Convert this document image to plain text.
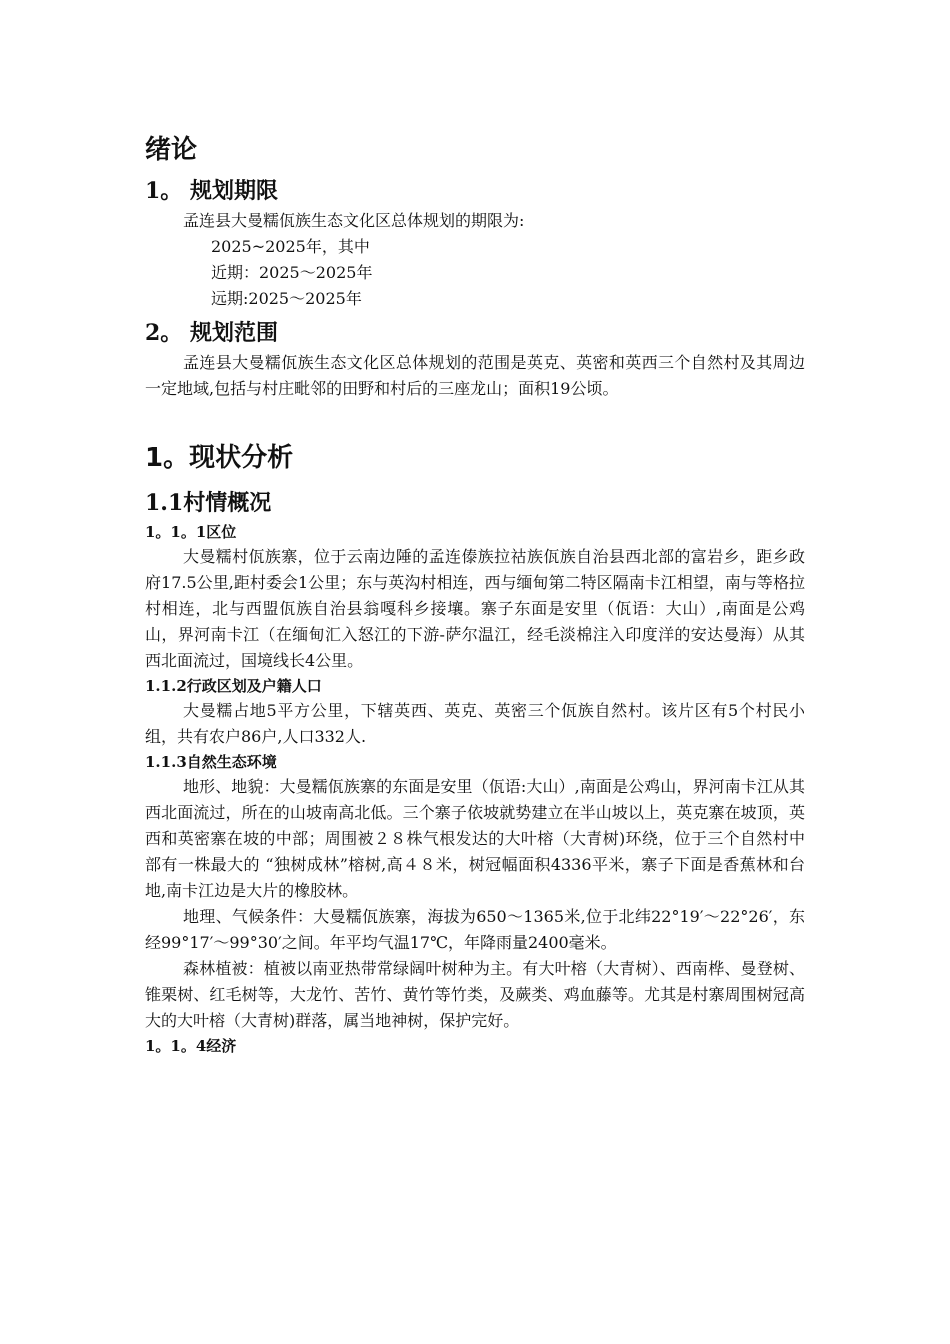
绪论
1。 规划期限

孟连县大曼糯佤族生态文化区总体规划的期限为:

2025~2025年，其中

近期：2025～2025年

远期:2025～2025年

2。 规划范围

孟连县大曼糯佤族生态文化区总体规划的范围是英克、英密和英西三个自然村及其周边一定地域,包括与村庄毗邻的田野和村后的三座龙山；面积19公顷。

1。现状分析
1.1村情概况
1。1。1区位

大曼糯村佤族寨，位于云南边陲的孟连傣族拉祜族佤族自治县西北部的富岩乡，距乡政府17.5公里,距村委会1公里；东与英沟村相连，西与缅甸第二特区隔南卡江相望，南与等格拉村相连，北与西盟佤族自治县翁嘎科乡接壤。寨子东面是安里（佤语：大山）,南面是公鸡山，界河南卡江（在缅甸汇入怒江的下游-萨尔温江，经毛淡棉注入印度洋的安达曼海）从其西北面流过，国境线长4公里。

1.1.2行政区划及户籍人口

大曼糯占地5平方公里，下辖英西、英克、英密三个佤族自然村。该片区有5个村民小组，共有农户86户,人口332人.

1.1.3自然生态环境

地形、地貌：大曼糯佤族寨的东面是安里（佤语:大山）,南面是公鸡山，界河南卡江从其西北面流过，所在的山坡南高北低。三个寨子依坡就势建立在半山坡以上，英克寨在坡顶，英西和英密寨在坡的中部；周围被２８株气根发达的大叶榕（大青树)环绕，位于三个自然村中部有一株最大的 “独树成林”榕树,高４８米，树冠幅面积4336平米，寨子下面是香蕉林和台地,南卡江边是大片的橡胶林。

地理、气候条件：大曼糯佤族寨，海拔为650～1365米,位于北纬22°19′～22°26′，东经99°17′～99°30′之间。年平均气温17℃，年降雨量2400毫米。

森林植被：植被以南亚热带常绿阔叶树种为主。有大叶榕（大青树）、西南桦、曼登树、锥栗树、红毛树等，大龙竹、苦竹、黄竹等竹类，及蕨类、鸡血藤等。尤其是村寨周围树冠高大的大叶榕（大青树)群落，属当地神树，保护完好。

1。1。4经济
